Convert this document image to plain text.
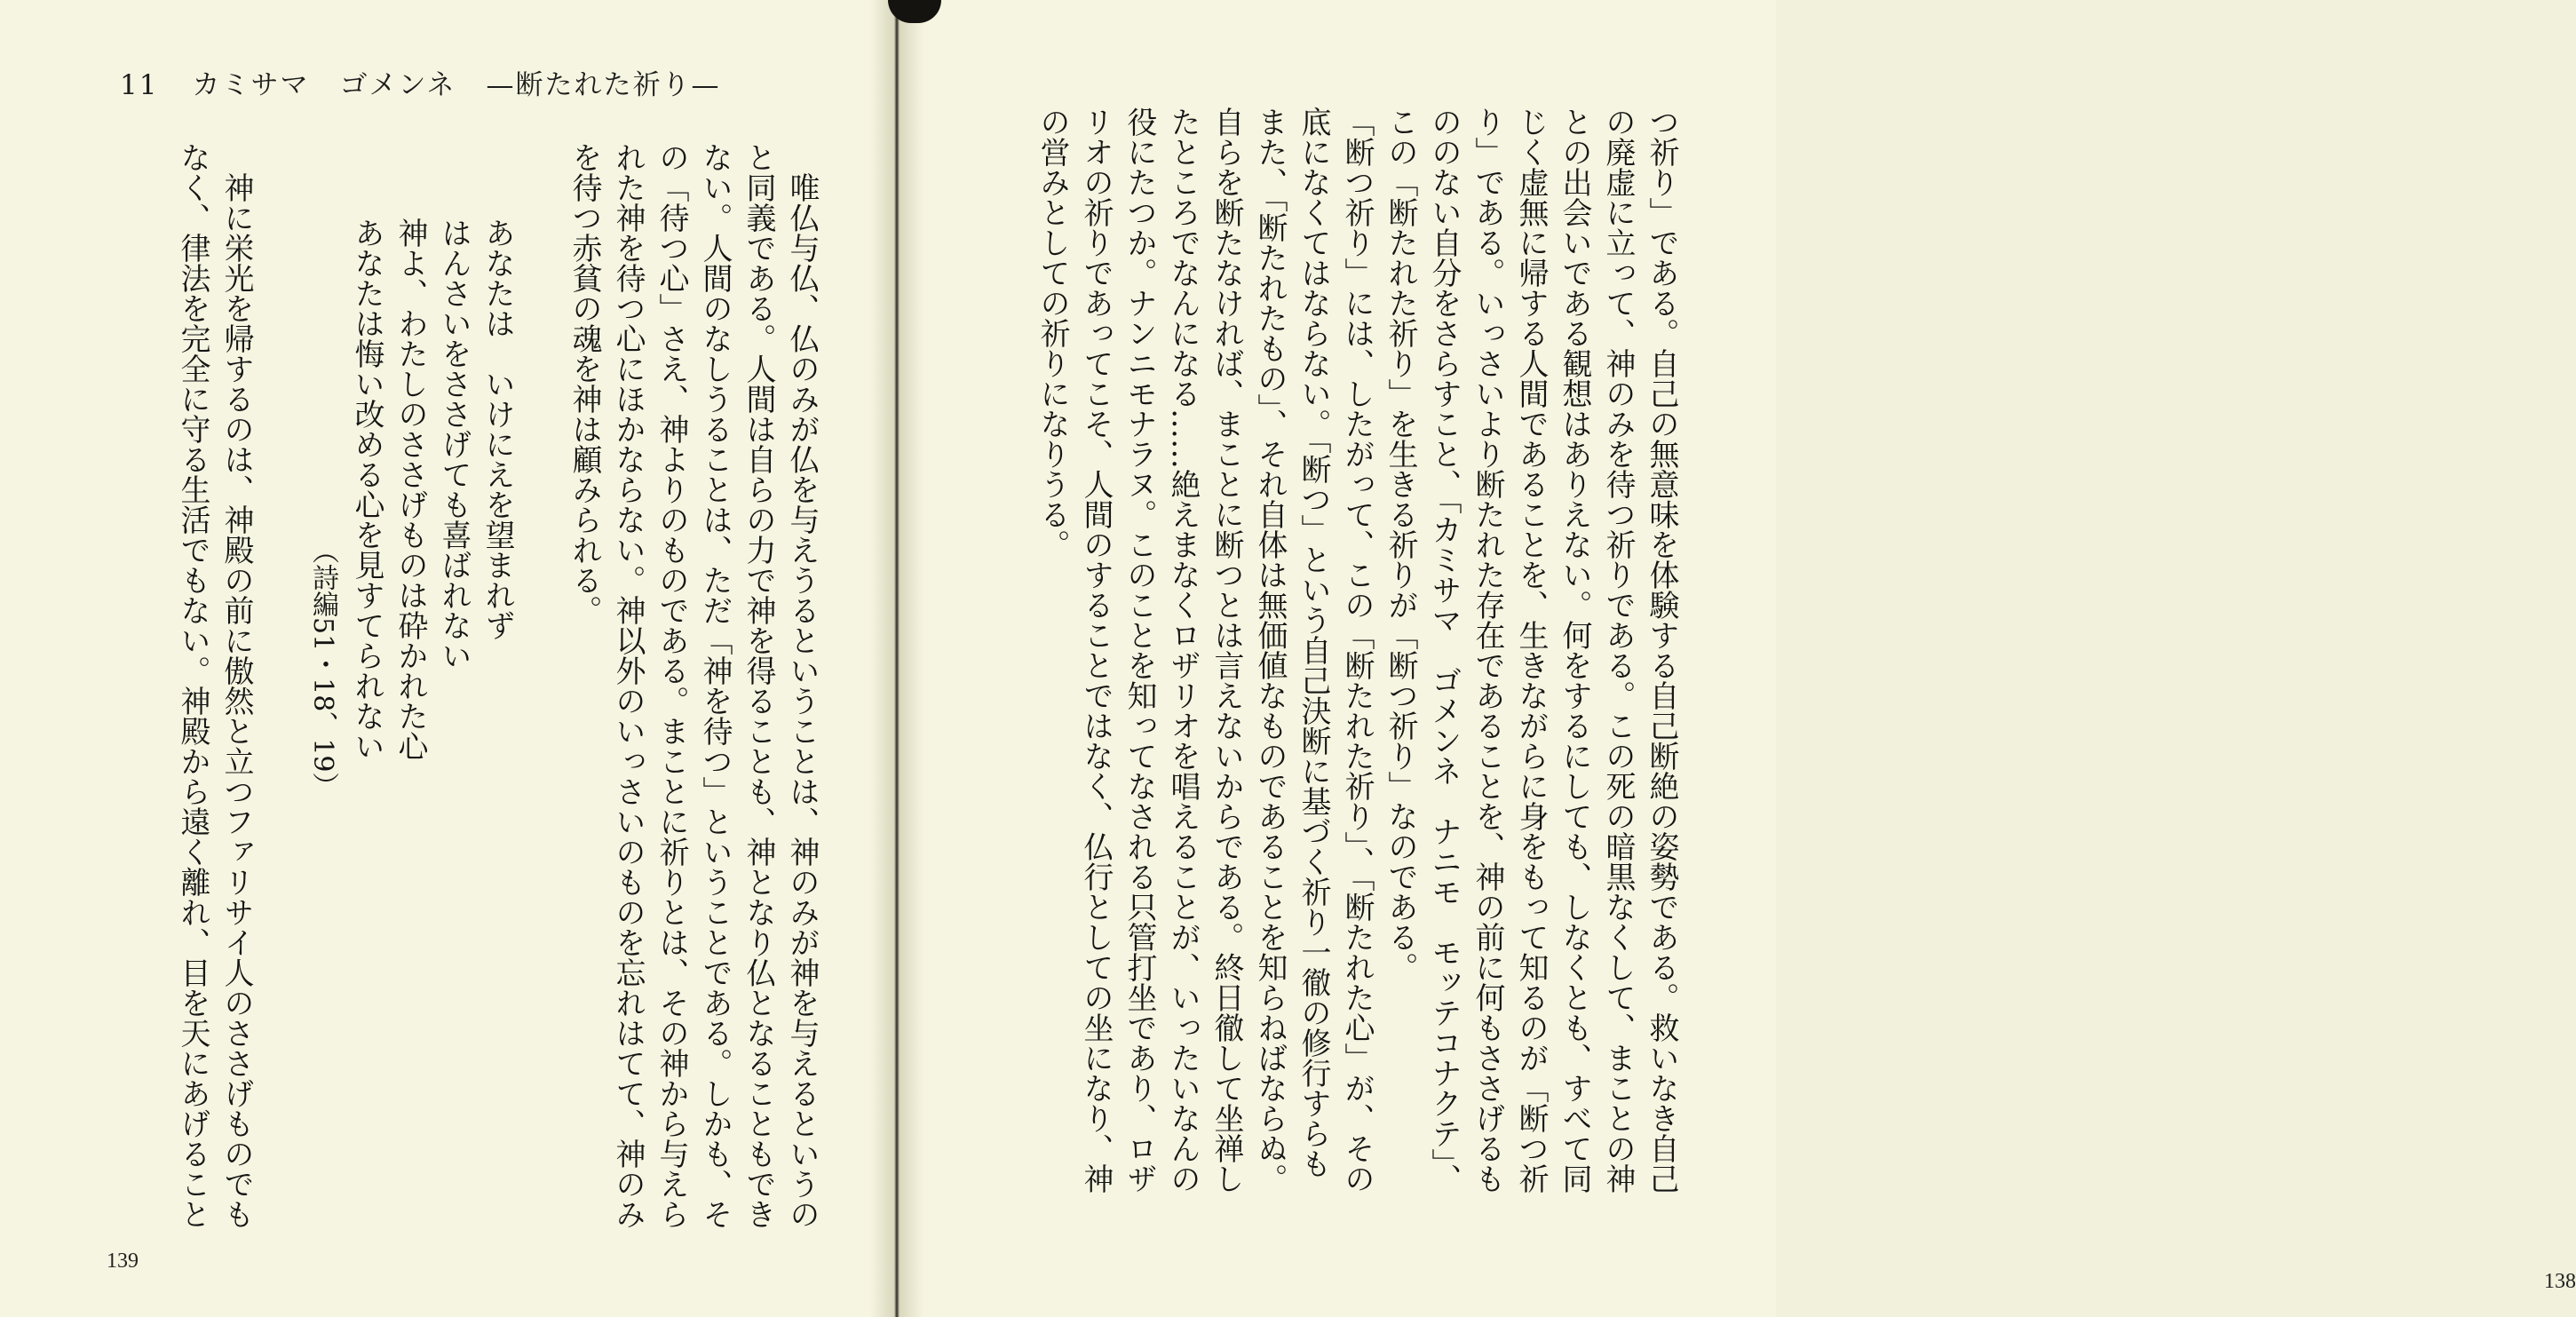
11 カミサマ ゴメンネ —断たれた祈り—

唯仏与仏、仏のみが仏を与えうるということは、神のみが神を与えるというの

と同義である。人間は自らの力で神を得ることも、神となり仏となることもでき

ない。人間のなしうることは、ただ「神を待つ」ということである。しかも、そ

の「待つ心」さえ、神よりのものである。まことに祈りとは、その神から与えら

れた神を待つ心にほかならない。神以外のいっさいのものを忘れはてて、神のみ

を待つ赤貧の魂を神は顧みられる。

あなたは　いけにえを望まれず

はんさいをささげても喜ばれない

神よ、わたしのささげものは砕かれた心

あなたは悔い改める心を見すてられない

（詩編51・18、19）

神に栄光を帰するのは、神殿の前に傲然と立つファリサイ人のささげものでも

なく、律法を完全に守る生活でもない。神殿から遠く離れ、目を天にあげること

139

つ祈り」である。自己の無意味を体験する自己断絶の姿勢である。救いなき自己

の廃虚に立って、神のみを待つ祈りである。この死の暗黒なくして、まことの神

との出会いである観想はありえない。何をするにしても、しなくとも、すべて同

じく虚無に帰する人間であることを、生きながらに身をもって知るのが「断つ祈

り」である。いっさいより断たれた存在であることを、神の前に何もささげるも

ののない自分をさらすこと、「カミサマ　ゴメンネ　ナニモ　モッテコナクテ」、

この「断たれた祈り」を生きる祈りが「断つ祈り」なのである。

「断つ祈り」には、したがって、この「断たれた祈り」、「断たれた心」が、その

底になくてはならない。「断つ」という自己決断に基づく祈り一徹の修行すらも

また、「断たれたもの」、それ自体は無価値なものであることを知らねばならぬ。

自らを断たなければ、まことに断つとは言えないからである。終日徹して坐禅し

たところでなんになる……絶えまなくロザリオを唱えることが、いったいなんの

役にたつか。ナンニモナラヌ。このことを知ってなされる只管打坐であり、ロザ

リオの祈りであってこそ、人間のすることではなく、仏行としての坐になり、神

の営みとしての祈りになりうる。

138
